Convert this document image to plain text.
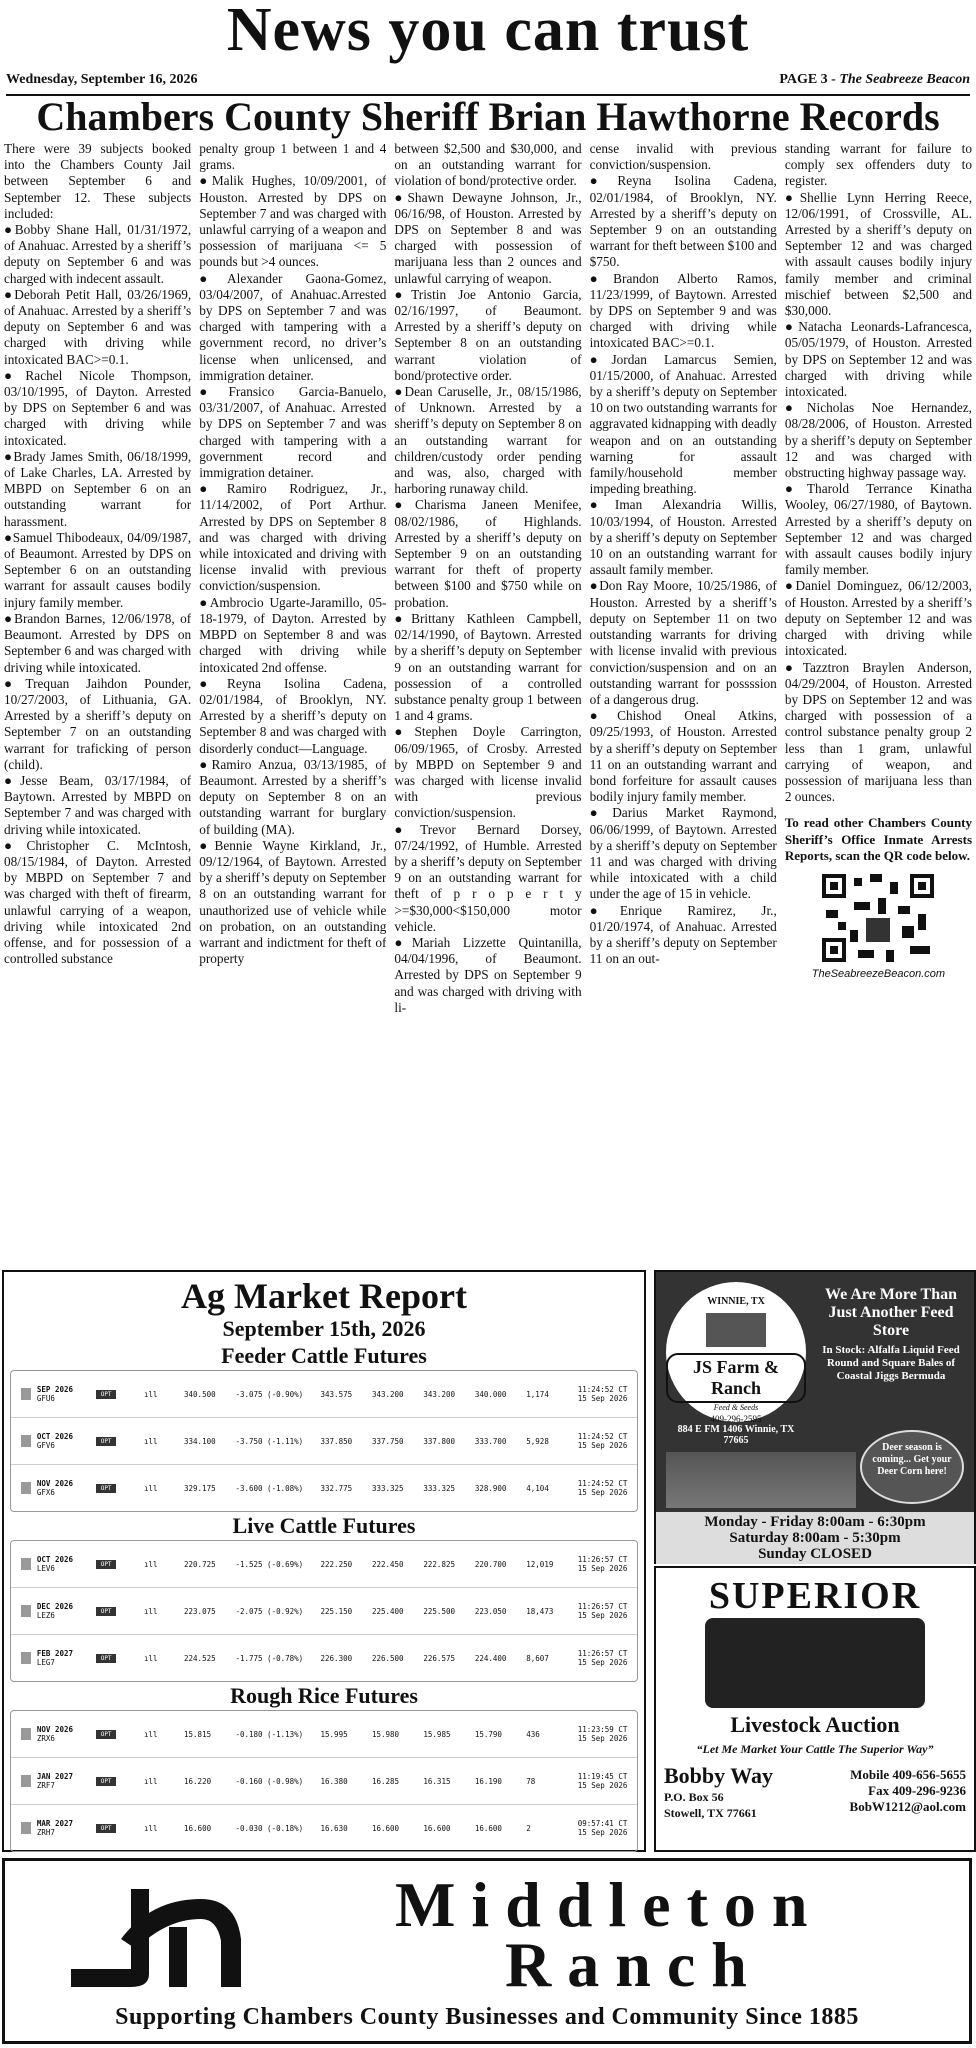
News you can trust
Wednesday, September 16, 2026	PAGE 3 - The Seabreeze Beacon
Chambers County Sheriff Brian Hawthorne Records

There were 39 subjects booked into the Chambers County Jail between September 6 and September 12. These subjects included:

●Bobby Shane Hall, 01/31/1972, of Anahuac. Arrested by a sheriff’s deputy on September 6 and was charged with indecent assault.

●Deborah Petit Hall, 03/26/1969, of Anahuac. Arrested by a sheriff’s deputy on September 6 and was charged with driving while intoxicated BAC>=0.1.

●Rachel Nicole Thompson, 03/10/1995, of Dayton. Arrested by DPS on September 6 and was charged with driving while intoxicated.

●Brady James Smith, 06/18/1999, of Lake Charles, LA. Arrested by MBPD on September 6 on an outstanding warrant for harassment.

●Samuel Thibodeaux, 04/09/1987, of Beaumont. Arrested by DPS on September 6 on an outstanding warrant for assault causes bodily injury family member.

●Brandon Barnes, 12/06/1978, of Beaumont. Arrested by DPS on September 6 and was charged with driving while intoxicated.

●Trequan Jaihdon Pounder, 10/27/2003, of Lithuania, GA. Arrested by a sheriff’s deputy on September 7 on an outstanding warrant for traficking of person (child).

●Jesse Beam, 03/17/1984, of Baytown. Arrested by MBPD on September 7 and was charged with driving while intoxicated.

●Christopher C. McIntosh, 08/15/1984, of Dayton. Arrested by MBPD on September 7 and was charged with theft of firearm, unlawful carrying of a weapon, driving while intoxicated 2nd offense, and for possession of a controlled substance

penalty group 1 between 1 and 4 grams.

●Malik Hughes, 10/09/2001, of Houston. Arrested by DPS on September 7 and was charged with unlawful carrying of a weapon and possession of marijuana <= 5 pounds but >4 ounces.

●Alexander Gaona-Gomez, 03/04/2007, of Anahuac.Arrested by DPS on September 7 and was charged with tampering with a government record, no driver’s license when unlicensed, and immigration detainer.

●Fransico Garcia-Banuelo, 03/31/2007, of Anahuac. Arrested by DPS on September 7 and was charged with tampering with a government record and immigration detainer.

●Ramiro Rodriguez, Jr., 11/14/2002, of Port Arthur. Arrested by DPS on September 8 and was charged with driving while intoxicated and driving with license invalid with previous conviction/suspension.

●Ambrocio Ugarte-Jaramillo, 05-18-1979, of Dayton. Arrested by MBPD on September 8 and was charged with driving while intoxicated 2nd offense.

●Reyna Isolina Cadena, 02/01/1984, of Brooklyn, NY. Arrested by a sheriff’s deputy on September 8 and was charged with disorderly conduct—Language.

●Ramiro Anzua, 03/13/1985, of Beaumont. Arrested by a sheriff’s deputy on September 8 on an outstanding warrant for burglary of building (MA).

●Bennie Wayne Kirkland, Jr., 09/12/1964, of Baytown. Arrested by a sheriff’s deputy on September 8 on an outstanding warrant for unauthorized use of vehicle while on probation, on an outstanding warrant and indictment for theft of property

between $2,500 and $30,000, and on an outstanding warrant for violation of bond/protective order.

●Shawn Dewayne Johnson, Jr., 06/16/98, of Houston. Arrested by DPS on September 8 and was charged with possession of marijuana less than 2 ounces and unlawful carrying of weapon.

●Tristin Joe Antonio Garcia, 02/16/1997, of Beaumont. Arrested by a sheriff’s deputy on September 8 on an outstanding warrant violation of bond/protective order.

●Dean Caruselle, Jr., 08/15/1986, of Unknown. Arrested by a sheriff’s deputy on September 8 on an outstanding warrant for children/custody order pending and was, also, charged with harboring runaway child.

●Charisma Janeen Menifee, 08/02/1986, of Highlands. Arrested by a sheriff’s deputy on September 9 on an outstanding warrant for theft of property between $100 and $750 while on probation.

●Brittany Kathleen Campbell, 02/14/1990, of Baytown. Arrested by a sheriff’s deputy on September 9 on an outstanding warrant for possession of a controlled substance penalty group 1 between 1 and 4 grams.

●Stephen Doyle Carrington, 06/09/1965, of Crosby. Arrested by MBPD on September 9 and was charged with license invalid with previous conviction/suspension.

●Trevor Bernard Dorsey, 07/24/1992, of Humble. Arrested by a sheriff’s deputy on September 9 on an outstanding warrant for theft of p r o p e r t y >=$30,000<$150,000 motor vehicle.

●Mariah Lizzette Quintanilla, 04/04/1996, of Beaumont. Arrested by DPS on September 9 and was charged with driving with li-

cense invalid with previous conviction/suspension.

●Reyna Isolina Cadena, 02/01/1984, of Brooklyn, NY. Arrested by a sheriff’s deputy on September 9 on an outstanding warrant for theft between $100 and $750.

●Brandon Alberto Ramos, 11/23/1999, of Baytown. Arrested by DPS on September 9 and was charged with driving while intoxicated BAC>=0.1.

●Jordan Lamarcus Semien, 01/15/2000, of Anahuac. Arrested by a sheriff’s deputy on September 10 on two outstanding warrants for aggravated kidnapping with deadly weapon and on an outstanding warning for assault family/household member impeding breathing.

●Iman Alexandria Willis, 10/03/1994, of Houston. Arrested by a sheriff’s deputy on September 10 on an outstanding warrant for assault family member.

●Don Ray Moore, 10/25/1986, of Houston. Arrested by a sheriff’s deputy on September 11 on two outstanding warrants for driving with license invalid with previous conviction/suspension and on an outstanding warrant for possssion of a dangerous drug.

●Chishod Oneal Atkins, 09/25/1993, of Houston. Arrested by a sheriff’s deputy on September 11 on an outstanding warrant and bond forfeiture for assault causes bodily injury family member.

●Darius Market Raymond, 06/06/1999, of Baytown. Arrested by a sheriff’s deputy on September 11 and was charged with driving while intoxicated with a child under the age of 15 in vehicle.

●Enrique Ramirez, Jr., 01/20/1974, of Anahuac. Arrested by a sheriff’s deputy on September 11 on an out-

standing warrant for failure to comply sex offenders duty to register.

●Shellie Lynn Herring Reece, 12/06/1991, of Crossville, AL. Arrested by a sheriff’s deputy on September 12 and was charged with assault causes bodily injury family member and criminal mischief between $2,500 and $30,000.

●Natacha Leonards-Lafrancesca, 05/05/1979, of Houston. Arrested by DPS on September 12 and was charged with driving while intoxicated.

●Nicholas Noe Hernandez, 08/28/2006, of Houston. Arrested by a sheriff’s deputy on September 12 and was charged with obstructing highway passage way.

●Tharold Terrance Kinatha Wooley, 06/27/1980, of Baytown. Arrested by a sheriff’s deputy on September 12 and was charged with assault causes bodily injury family member.

●Daniel Dominguez, 06/12/2003, of Houston. Arrested by a sheriff’s deputy on September 12 and was charged with driving while intoxicated.

●Tazztron Braylen Anderson, 04/29/2004, of Houston. Arrested by DPS on September 12 and was charged with possession of a control substance penalty group 2 less than 1 gram, unlawful carrying of weapon, and possession of marijuana less than 2 ounces.

To read other Chambers County Sheriff’s Office Inmate Arrests Reports, scan the QR code below.

TheSeabreezeBeacon.com
Ag Market Report
September 15th, 2026
Feeder Cattle Futures
SEP 2026
GFU6	OPT	ıll	340.500	-3.075 (-0.90%)	343.575	343.200	343.200	340.000	1,174	11:24:52 CT
15 Sep 2026
OCT 2026
GFV6	OPT	ıll	334.100	-3.750 (-1.11%)	337.850	337.750	337.800	333.700	5,928	11:24:52 CT
15 Sep 2026
NOV 2026
GFX6	OPT	ıll	329.175	-3.600 (-1.08%)	332.775	333.325	333.325	328.900	4,104	11:24:52 CT
15 Sep 2026
Live Cattle Futures
OCT 2026
LEV6	OPT	ıll	220.725	-1.525 (-0.69%)	222.250	222.450	222.825	220.700	12,019	11:26:57 CT
15 Sep 2026
DEC 2026
LEZ6	OPT	ıll	223.075	-2.075 (-0.92%)	225.150	225.400	225.500	223.050	18,473	11:26:57 CT
15 Sep 2026
FEB 2027
LEG7	OPT	ıll	224.525	-1.775 (-0.78%)	226.300	226.500	226.575	224.400	8,607	11:26:57 CT
15 Sep 2026
Rough Rice Futures
NOV 2026
ZRX6	OPT	ıll	15.815	-0.180 (-1.13%)	15.995	15.980	15.985	15.790	436	11:23:59 CT
15 Sep 2026
JAN 2027
ZRF7	OPT	ıll	16.220	-0.160 (-0.98%)	16.380	16.285	16.315	16.190	78	11:19:45 CT
15 Sep 2026
MAR 2027
ZRH7	OPT	ıll	16.600	-0.030 (-0.18%)	16.630	16.600	16.600	16.600	2	09:57:41 CT
15 Sep 2026
WINNIE, TX
JS Farm & Ranch
Feed & Seeds
409-296-2595
We Are More Than Just Another Feed Store
In Stock: Alfalfa Liquid Feed Round and Square Bales of Coastal Jiggs Bermuda
884 E FM 1406 Winnie, TX 77665
Deer season is coming... Get your Deer Corn here!
Monday - Friday 8:00am - 6:30pm
Saturday 8:00am - 5:30pm
Sunday CLOSED
SUPERIOR
Livestock Auction
“Let Me Market Your Cattle The Superior Way”
Bobby Way
P.O. Box 56
Stowell, TX 77661
Mobile 409-656-5655
Fax 409-296-9236
BobW1212@aol.com
Middleton
Ranch
Supporting Chambers County Businesses and Community Since 1885
